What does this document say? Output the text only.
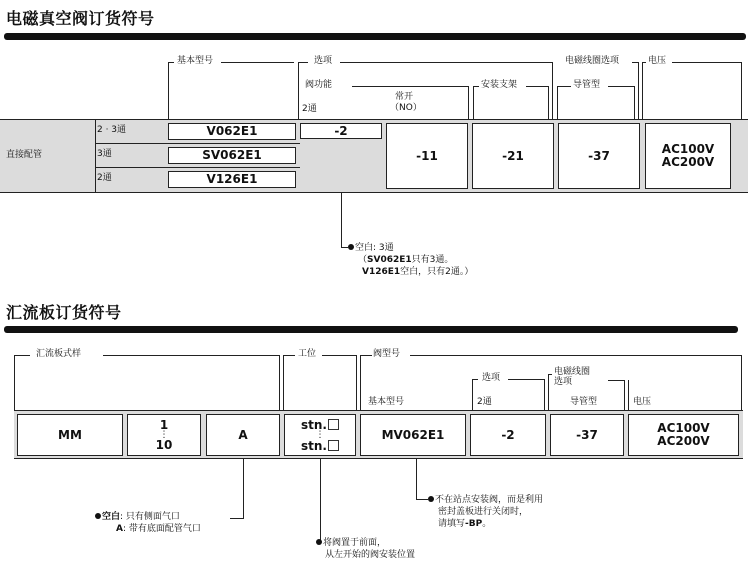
电磁真空阀订货符号
基本型号	选项	电磁线圈选项	电压
阀功能
2通
常开
（NO）
安装支架	导管型
直接配管
2 · 3通
3通
2通
V062E1
SV062E1
V126E1
-2
-11	-21	-37	AC100V
AC200V
空白: 3通
（SV062E1只有3通。
V126E1空白，只有2通。）
汇流板订货符号
汇流板式样	工位	阀型号
基本型号
选项
2通
电磁线圈
选项
导管型	电压
MM
1
⋮
10
A
stn.
⋮
stn.
MV062E1	-2	-37	AC100V
AC200V
空白: 只有侧面气口
A: 带有底面配管气口
将阀置于前面，
从左开始的阀安装位置
不在站点安装阀，而是利用
密封盖板进行关闭时，
请填写-BP。
